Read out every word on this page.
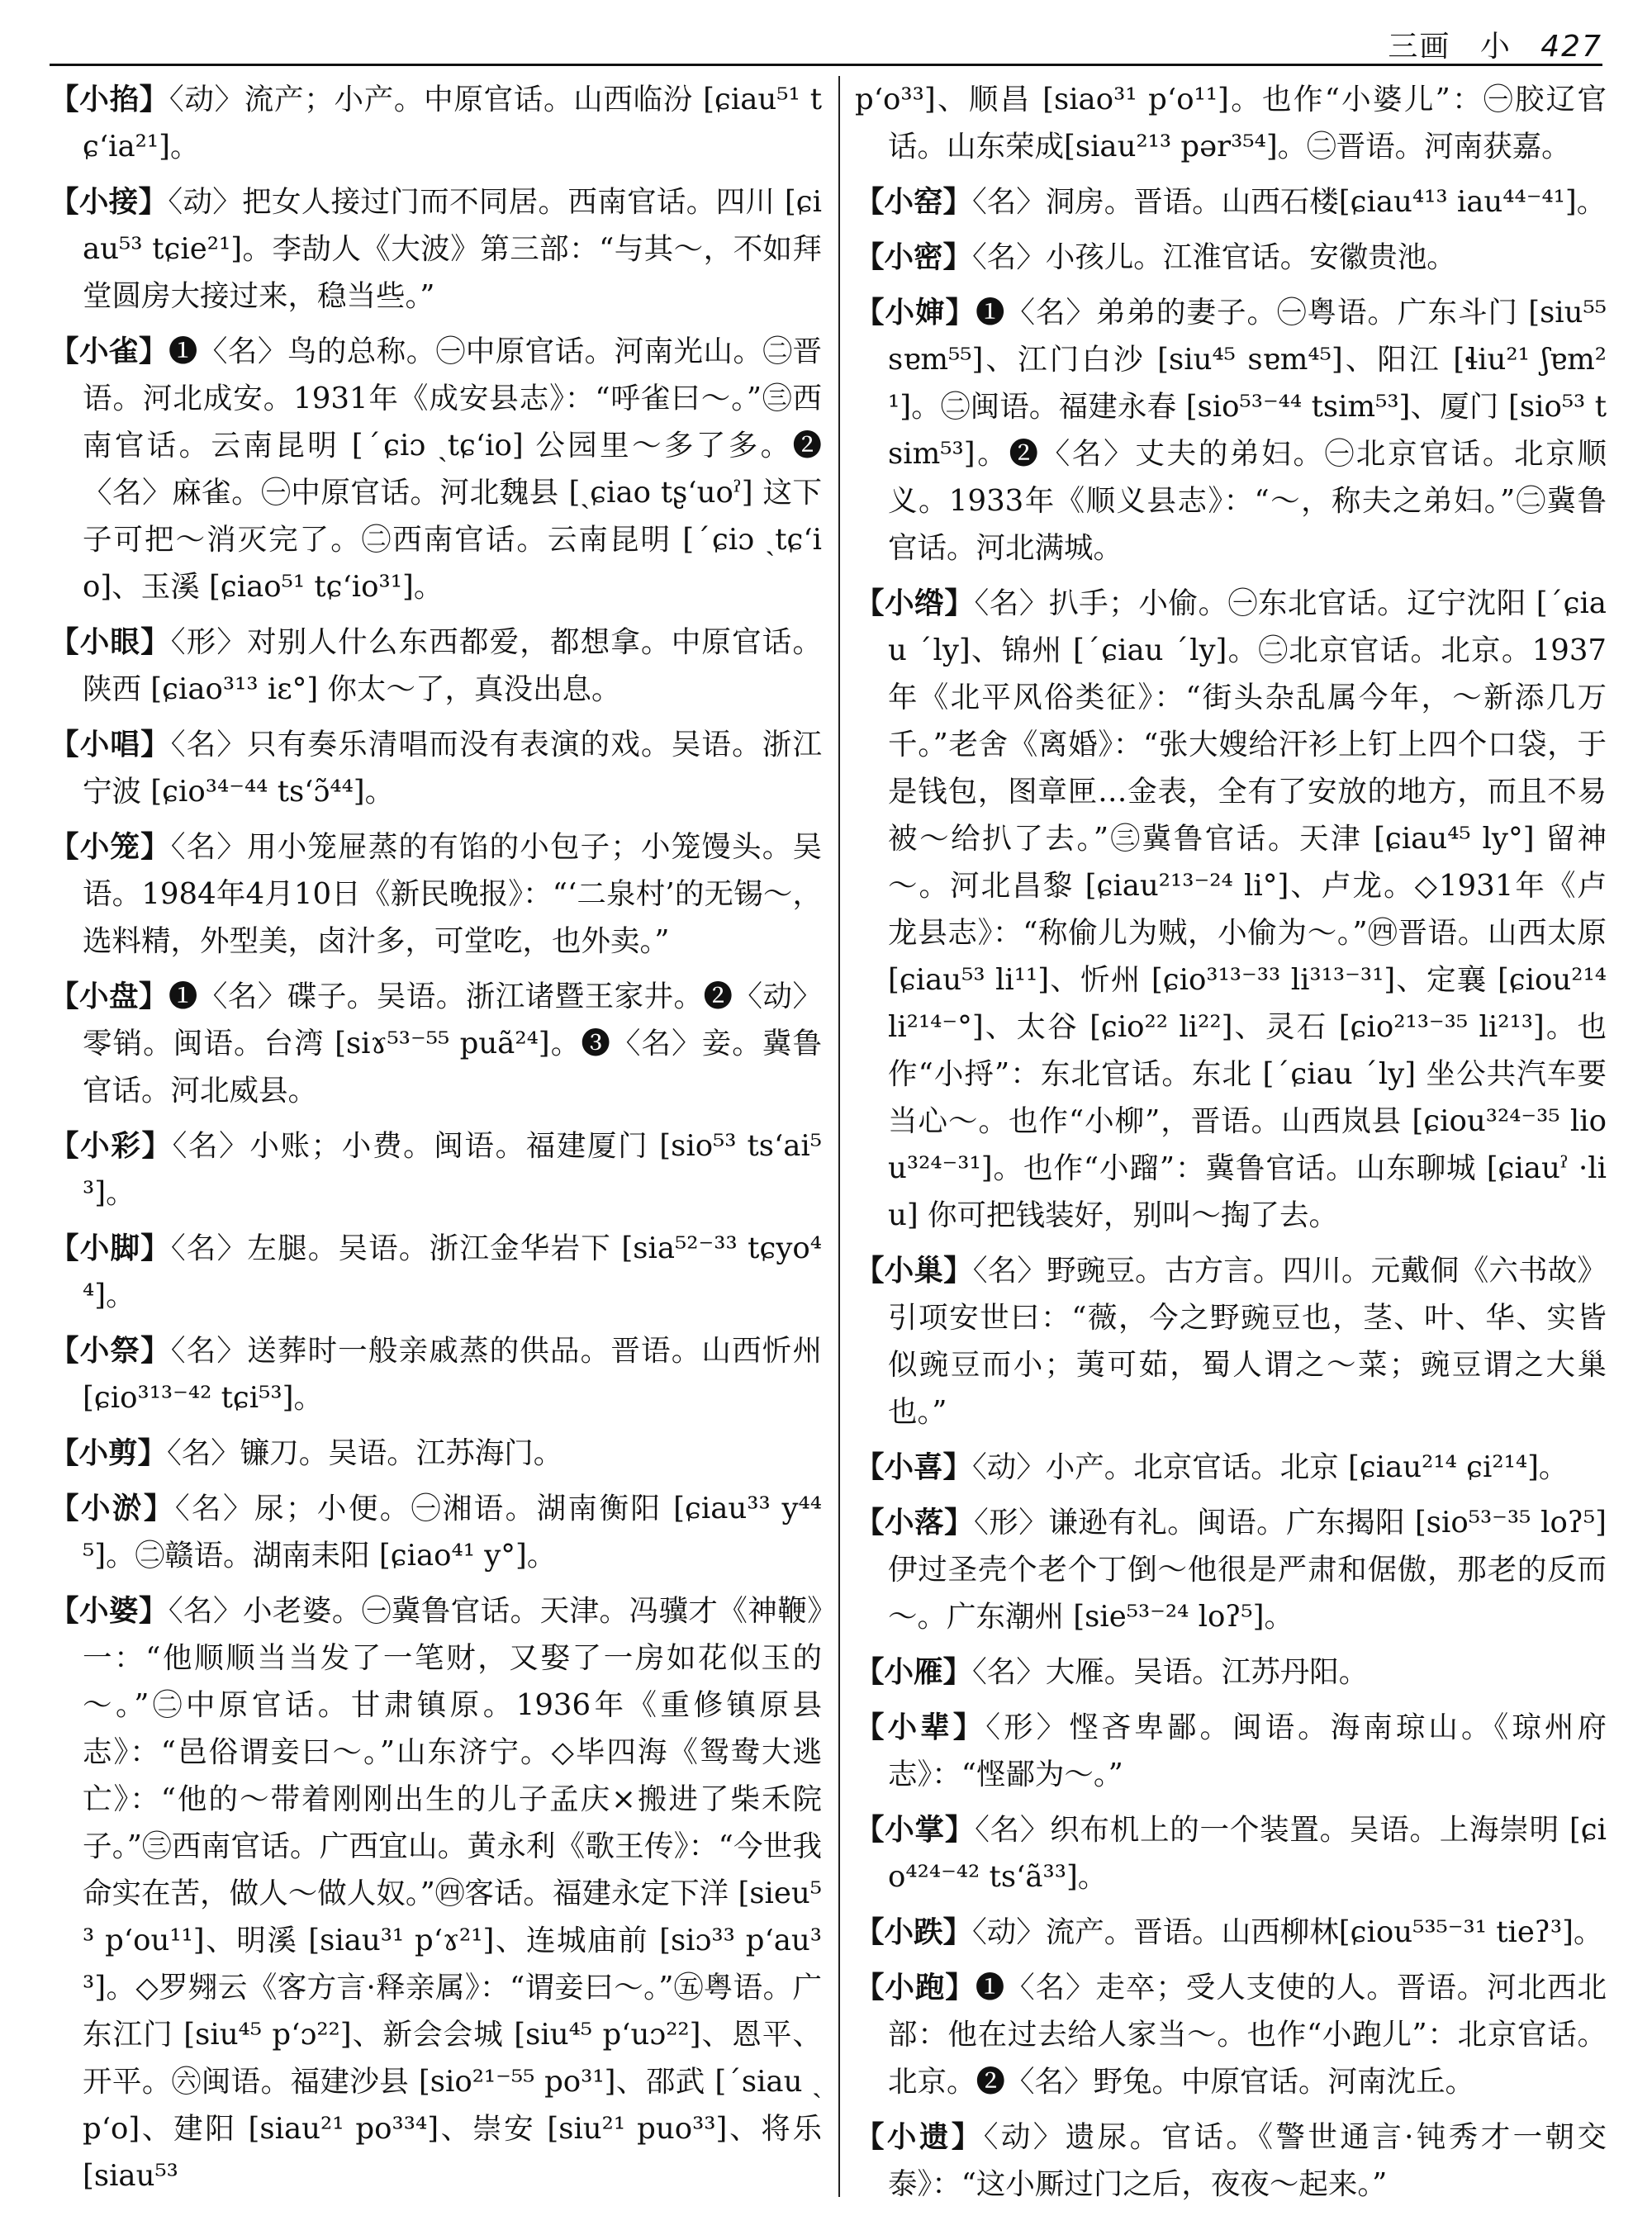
三画 小 427

【小掐】〈动〉流产；小产。中原官话。山西临汾 [ɕiau⁵¹ tɕʻia²¹]。

【小接】〈动〉把女人接过门而不同居。西南官话。四川 [ɕiau⁵³ tɕie²¹]。李劼人《大波》第三部：“与其～，不如拜堂圆房大接过来，稳当些。”

【小雀】❶〈名〉鸟的总称。㊀中原官话。河南光山。㊁晋语。河北成安。1931年《成安县志》：“呼雀曰～。”㊂西南官话。云南昆明 [ˊɕiɔ ˏtɕʻio] 公园里～多了多。❷〈名〉麻雀。㊀中原官话。河北魏县 [ˏɕiao tʂʻuoˀ] 这下子可把～消灭完了。㊁西南官话。云南昆明 [ˊɕiɔ ˏtɕʻio]、玉溪 [ɕiao⁵¹ tɕʻio³¹]。

【小眼】〈形〉对别人什么东西都爱，都想拿。中原官话。陕西 [ɕiao³¹³ iɛ°] 你太～了，真没出息。

【小唱】〈名〉只有奏乐清唱而没有表演的戏。吴语。浙江宁波 [ɕio³⁴⁻⁴⁴ tsʻɔ̃⁴⁴]。

【小笼】〈名〉用小笼屉蒸的有馅的小包子；小笼馒头。吴语。1984年4月10日《新民晚报》：“‘二泉村’的无锡～，选料精，外型美，卤汁多，可堂吃，也外卖。”

【小盘】❶〈名〉碟子。吴语。浙江诸暨王家井。❷〈动〉零销。闽语。台湾 [siɤ⁵³⁻⁵⁵ puã²⁴]。❸〈名〉妾。冀鲁官话。河北威县。

【小彩】〈名〉小账；小费。闽语。福建厦门 [sio⁵³ tsʻai⁵³]。

【小脚】〈名〉左腿。吴语。浙江金华岩下 [sia⁵²⁻³³ tɕyo⁴⁴]。

【小祭】〈名〉送葬时一般亲戚蒸的供品。晋语。山西忻州 [ɕio³¹³⁻⁴² tɕi⁵³]。

【小剪】〈名〉镰刀。吴语。江苏海门。

【小淤】〈名〉尿；小便。㊀湘语。湖南衡阳 [ɕiau³³ y⁴⁴⁵]。㊁赣语。湖南耒阳 [ɕiao⁴¹ y°]。

【小婆】〈名〉小老婆。㊀冀鲁官话。天津。冯骥才《神鞭》一：“他顺顺当当发了一笔财，又娶了一房如花似玉的～。”㊁中原官话。甘肃镇原。1936年《重修镇原县志》：“邑俗谓妾曰～。”山东济宁。◇毕四海《鸳鸯大逃亡》：“他的～带着刚刚出生的儿子孟庆×搬进了柴禾院子。”㊂西南官话。广西宜山。黄永利《歌王传》：“今世我命实在苦，做人～做人奴。”㊃客话。福建永定下洋 [sieu⁵³ pʻou¹¹]、明溪 [siau³¹ pʻɤ²¹]、连城庙前 [siɔ³³ pʻau³³]。◇罗翙云《客方言·释亲属》：“谓妾曰～。”㊄粤语。广东江门 [siu⁴⁵ pʻɔ²²]、新会会城 [siu⁴⁵ pʻuɔ²²]、恩平、开平。㊅闽语。福建沙县 [sio²¹⁻⁵⁵ po³¹]、邵武 [ˊsiau ˏpʻo]、建阳 [siau²¹ po³³⁴]、崇安 [siu²¹ puo³³]、将乐 [siau⁵³

pʻo³³]、顺昌 [siao³¹ pʻo¹¹]。也作“小婆儿”：㊀胶辽官话。山东荣成[siau²¹³ pər³⁵⁴]。㊁晋语。河南获嘉。

【小窑】〈名〉洞房。晋语。山西石楼[ɕiau⁴¹³ iau⁴⁴⁻⁴¹]。

【小密】〈名〉小孩儿。江淮官话。安徽贵池。

【小婶】❶〈名〉弟弟的妻子。㊀粤语。广东斗门 [siu⁵⁵ sɐm⁵⁵]、江门白沙 [siu⁴⁵ sɐm⁴⁵]、阳江 [ɬiu²¹ ʃɐm²¹]。㊁闽语。福建永春 [sio⁵³⁻⁴⁴ tsim⁵³]、厦门 [sio⁵³ tsim⁵³]。❷〈名〉丈夫的弟妇。㊀北京官话。北京顺义。1933年《顺义县志》：“～，称夫之弟妇。”㊁冀鲁官话。河北满城。

【小绺】〈名〉扒手；小偷。㊀东北官话。辽宁沈阳 [ˊɕiau ˊly]、锦州 [ˊɕiau ˊly]。㊁北京官话。北京。1937年《北平风俗类征》：“街头杂乱属今年，～新添几万千。”老舍《离婚》：“张大嫂给汗衫上钉上四个口袋，于是钱包，图章匣…金表，全有了安放的地方，而且不易被～给扒了去。”㊂冀鲁官话。天津 [ɕiau⁴⁵ ly°] 留神～。河北昌黎 [ɕiau²¹³⁻²⁴ li°]、卢龙。◇1931年《卢龙县志》：“称偷儿为贼，小偷为～。”㊃晋语。山西太原 [ɕiau⁵³ li¹¹]、忻州 [ɕio³¹³⁻³³ li³¹³⁻³¹]、定襄 [ɕiou²¹⁴ li²¹⁴⁻°]、太谷 [ɕio²² li²²]、灵石 [ɕio²¹³⁻³⁵ li²¹³]。也作“小捋”：东北官话。东北 [ˊɕiau ˊly] 坐公共汽车要当心～。也作“小柳”，晋语。山西岚县 [ɕiou³²⁴⁻³⁵ liou³²⁴⁻³¹]。也作“小蹓”：冀鲁官话。山东聊城 [ɕiauˀ ·liu] 你可把钱装好，别叫～掏了去。

【小巢】〈名〉野豌豆。古方言。四川。元戴侗《六书故》引项安世曰：“薇，今之野豌豆也，茎、叶、华、实皆似豌豆而小；荑可茹，蜀人谓之～菜；豌豆谓之大巢也。”

【小喜】〈动〉小产。北京官话。北京 [ɕiau²¹⁴ ɕi²¹⁴]。

【小落】〈形〉谦逊有礼。闽语。广东揭阳 [sio⁵³⁻³⁵ loʔ⁵] 伊过圣壳个老个丁倒～他很是严肃和倨傲，那老的反而～。广东潮州 [sie⁵³⁻²⁴ loʔ⁵]。

【小雁】〈名〉大雁。吴语。江苏丹阳。

【小辈】〈形〉悭吝卑鄙。闽语。海南琼山。《琼州府志》：“悭鄙为～。”

【小掌】〈名〉织布机上的一个装置。吴语。上海崇明 [ɕio⁴²⁴⁻⁴² tsʻã³³]。

【小跌】〈动〉流产。晋语。山西柳林[ɕiou⁵³⁵⁻³¹ tieʔ³]。

【小跑】❶〈名〉走卒；受人支使的人。晋语。河北西北部：他在过去给人家当～。也作“小跑儿”：北京官话。北京。❷〈名〉野兔。中原官话。河南沈丘。

【小遗】〈动〉遗尿。官话。《警世通言·钝秀才一朝交泰》：“这小厮过门之后，夜夜～起来。”
